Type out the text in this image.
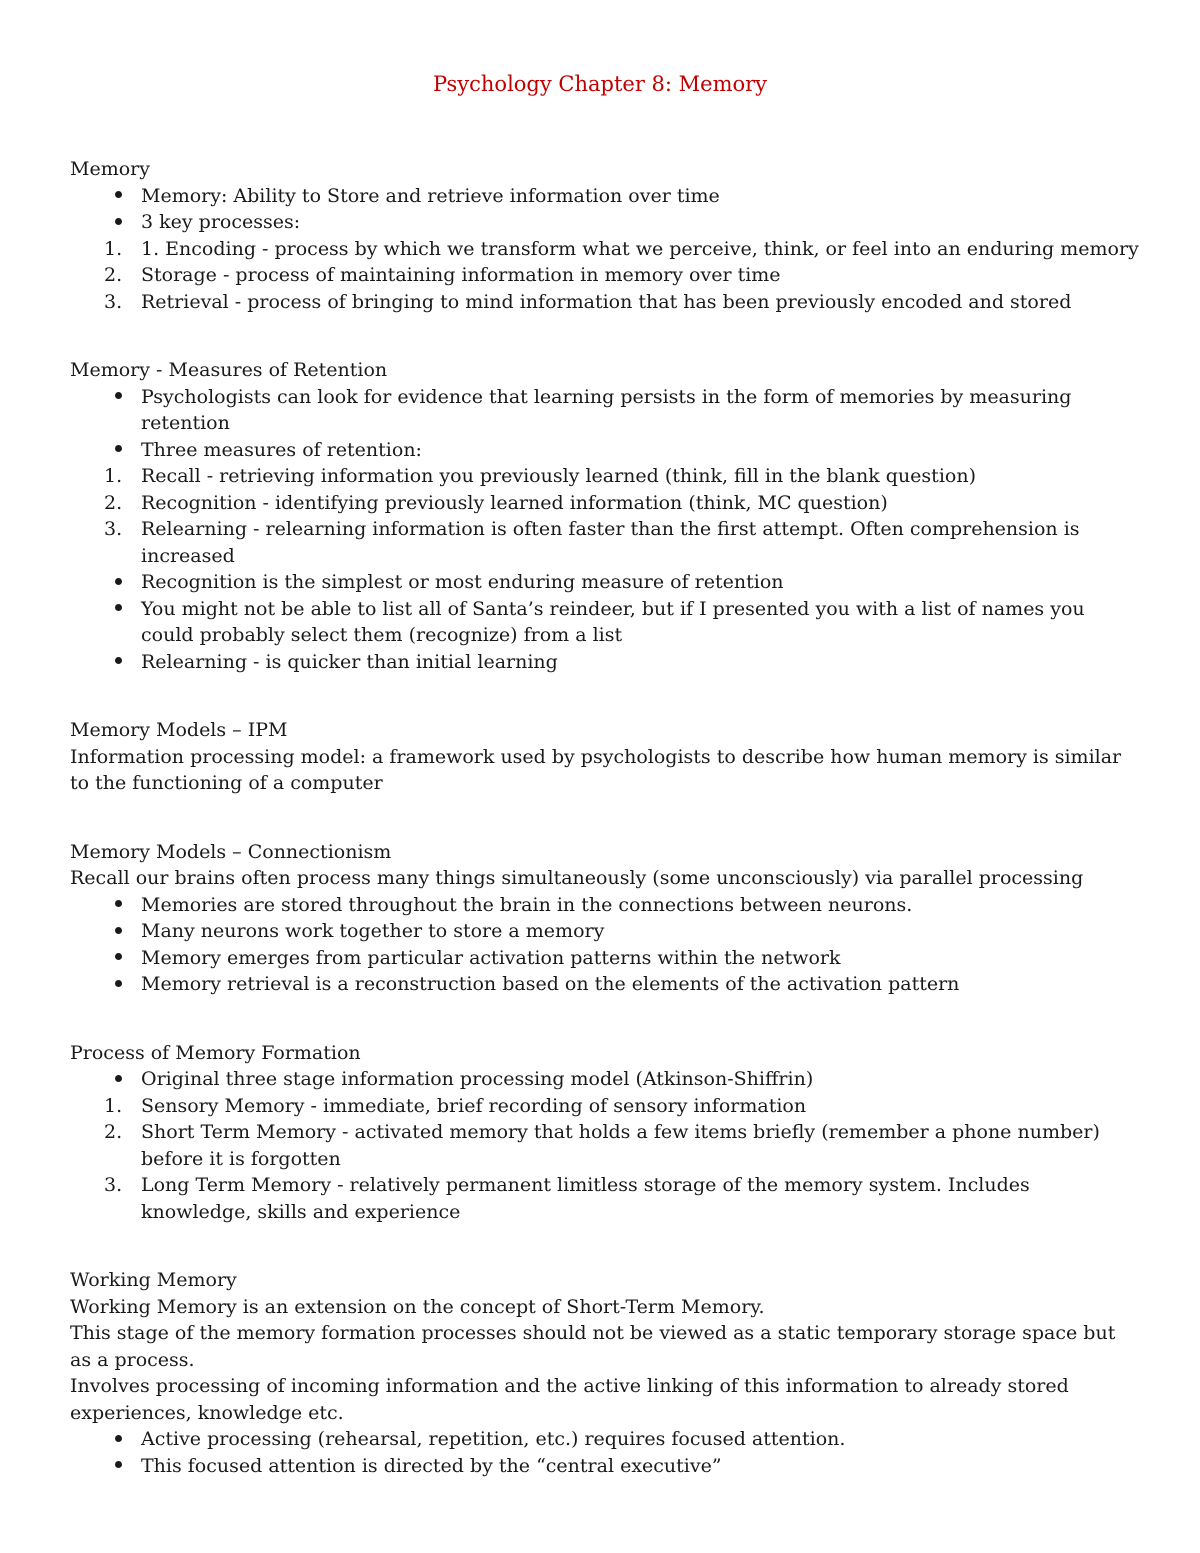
Psychology Chapter 8: Memory

Memory

Memory: Ability to Store and retrieve information over time
3 key processes:
1. 1. Encoding - process by which we transform what we perceive, think, or feel into an enduring memory
2. Storage - process of maintaining information in memory over time
3. Retrieval - process of bringing to mind information that has been previously encoded and stored

Memory - Measures of Retention

Psychologists can look for evidence that learning persists in the form of memories by measuring retention
Three measures of retention:
1. Recall - retrieving information you previously learned (think, fill in the blank question)
2. Recognition - identifying previously learned information (think, MC question)
3. Relearning - relearning information is often faster than the first attempt. Often comprehension is increased
Recognition is the simplest or most enduring measure of retention
You might not be able to list all of Santa’s reindeer, but if I presented you with a list of names you could probably select them (recognize) from a list
Relearning - is quicker than initial learning

Memory Models – IPM

Information processing model: a framework used by psychologists to describe how human memory is similar to the functioning of a computer

Memory Models – Connectionism

Recall our brains often process many things simultaneously (some unconsciously) via parallel processing

Memories are stored throughout the brain in the connections between neurons.
Many neurons work together to store a memory
Memory emerges from particular activation patterns within the network
Memory retrieval is a reconstruction based on the elements of the activation pattern

Process of Memory Formation

Original three stage information processing model (Atkinson-Shiffrin)
1. Sensory Memory - immediate, brief recording of sensory information
2. Short Term Memory - activated memory that holds a few items briefly (remember a phone number) before it is forgotten
3. Long Term Memory - relatively permanent limitless storage of the memory system. Includes knowledge, skills and experience

Working Memory

Working Memory is an extension on the concept of Short-Term Memory.

This stage of the memory formation processes should not be viewed as a static temporary storage space but as a process.

Involves processing of incoming information and the active linking of this information to already stored experiences, knowledge etc.

Active processing (rehearsal, repetition, etc.) requires focused attention.
This focused attention is directed by the “central executive”
